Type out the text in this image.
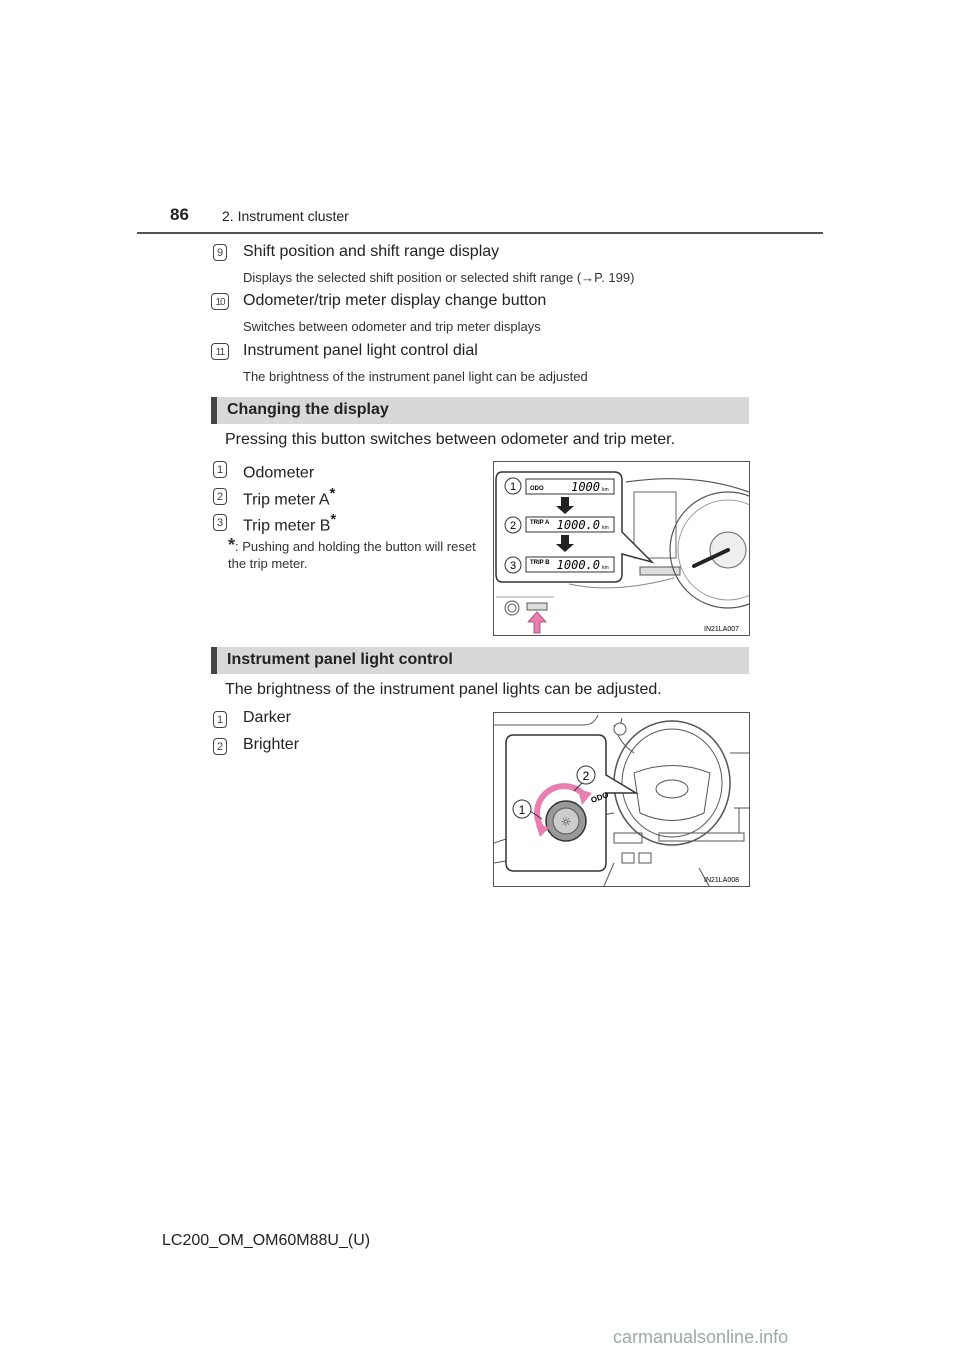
86 2. Instrument cluster
9 Shift position and shift range display
Displays the selected shift position or selected shift range (→P. 199)
10 Odometer/trip meter display change button
Switches between odometer and trip meter displays
11	Instrument panel light control dial
The brightness of the instrument panel light can be adjusted
Changing the display
Pressing this button switches between odometer and trip meter.
1 Odometer
2 Trip meter A*
3 Trip meter B*
*: Pushing and holding the button will reset the trip meter.
1 ODO 1000 km
2 TRIP A 1000.0 km
3 TRIP B 1000.0 km
IN21LA007
Instrument panel light control
The brightness of the instrument panel lights can be adjusted.
1 Darker
2 Brighter
☼
ODO
2
1
IN21LA008
LC200_OM_OM60M88U_(U)
carmanualsonline.info
